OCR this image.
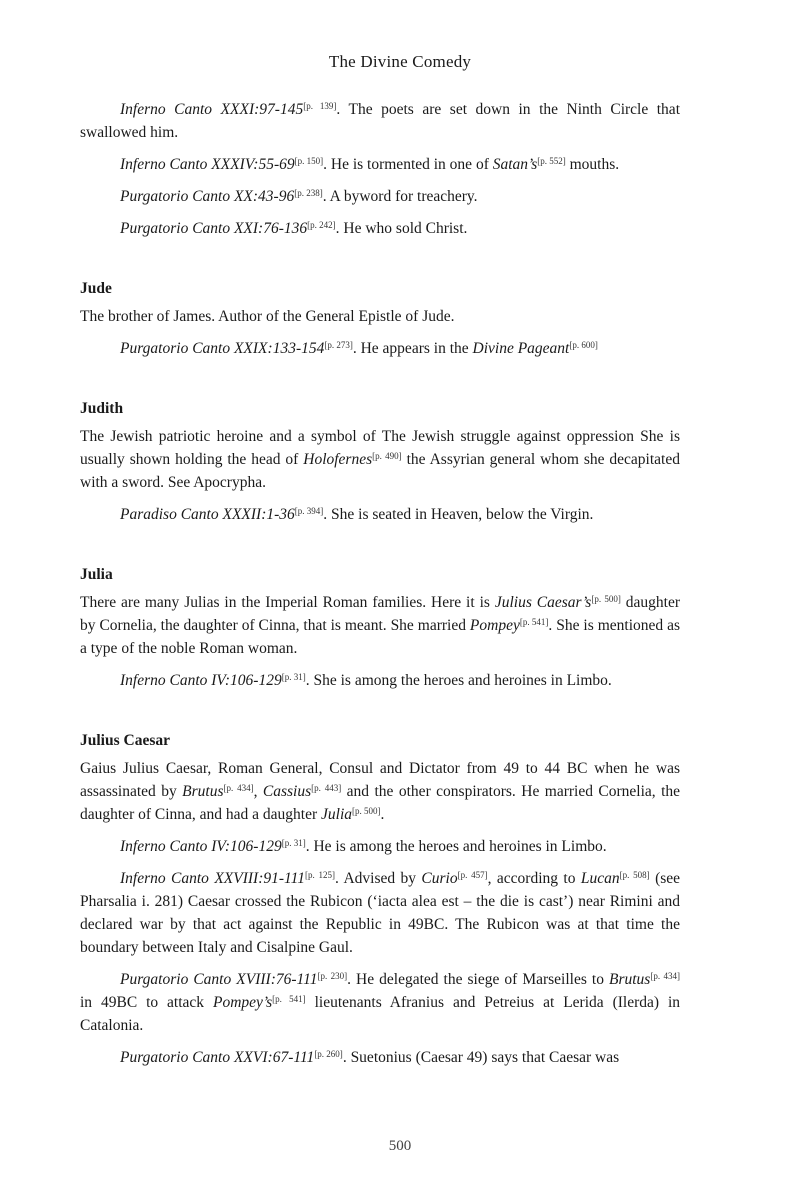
The Divine Comedy

Inferno Canto XXXI:97-145[p. 139]. The poets are set down in the Ninth Circle that swallowed him.

Inferno Canto XXXIV:55-69[p. 150]. He is tormented in one of Satan’s[p. 552] mouths.

Purgatorio Canto XX:43-96[p. 238]. A byword for treachery.

Purgatorio Canto XXI:76-136[p. 242]. He who sold Christ.

Jude

The brother of James. Author of the General Epistle of Jude.

Purgatorio Canto XXIX:133-154[p. 273]. He appears in the Divine Pageant[p. 600]

Judith

The Jewish patriotic heroine and a symbol of The Jewish struggle against oppression She is usually shown holding the head of Holofernes[p. 490] the Assyrian general whom she decapitated with a sword. See Apocrypha.

Paradiso Canto XXXII:1-36[p. 394]. She is seated in Heaven, below the Virgin.

Julia

There are many Julias in the Imperial Roman families. Here it is Julius Caesar’s[p. 500] daughter by Cornelia, the daughter of Cinna, that is meant. She married Pompey[p. 541]. She is mentioned as a type of the noble Roman woman.

Inferno Canto IV:106-129[p. 31]. She is among the heroes and heroines in Limbo.

Julius Caesar

Gaius Julius Caesar, Roman General, Consul and Dictator from 49 to 44 BC when he was assassinated by Brutus[p. 434], Cassius[p. 443] and the other conspirators. He married Cornelia, the daughter of Cinna, and had a daughter Julia[p. 500].

Inferno Canto IV:106-129[p. 31]. He is among the heroes and heroines in Limbo.

Inferno Canto XXVIII:91-111[p. 125]. Advised by Curio[p. 457], according to Lucan[p. 508] (see Pharsalia i. 281) Caesar crossed the Rubicon (‘iacta alea est – the die is cast’) near Rimini and declared war by that act against the Republic in 49BC. The Rubicon was at that time the boundary between Italy and Cisalpine Gaul.

Purgatorio Canto XVIII:76-111[p. 230]. He delegated the siege of Marseilles to Brutus[p. 434] in 49BC to attack Pompey’s[p. 541] lieutenants Afranius and Petreius at Lerida (Ilerda) in Catalonia.

Purgatorio Canto XXVI:67-111[p. 260]. Suetonius (Caesar 49) says that Caesar was

500
